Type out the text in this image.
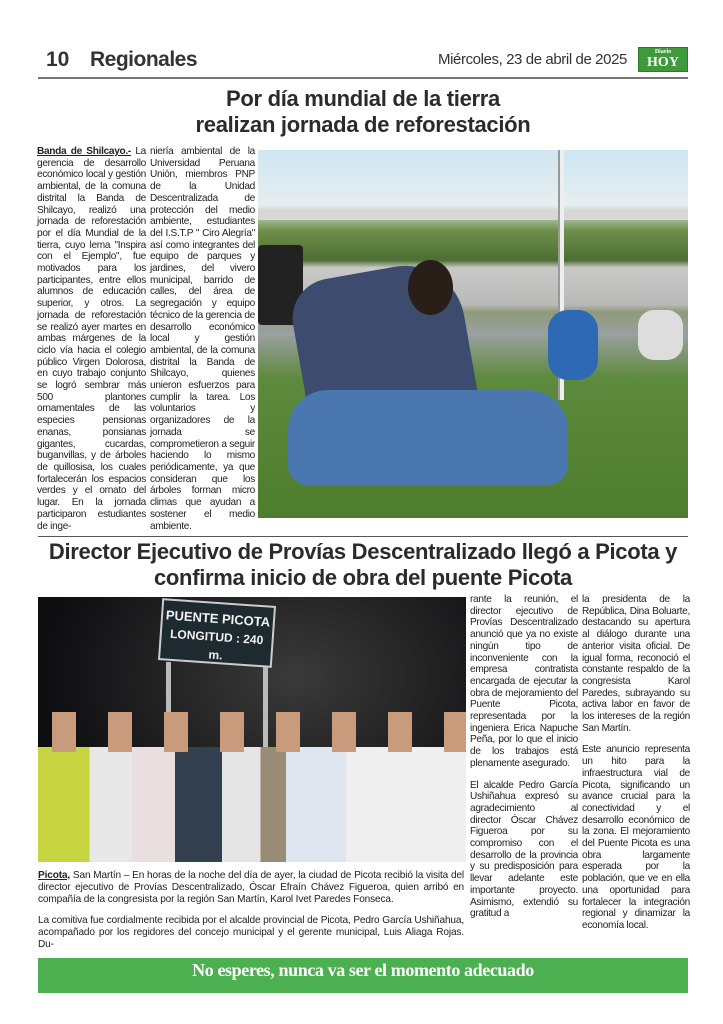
10 Regionales	Miércoles, 23 de abril de 2025	Diario
HOY
Por día mundial de la tierra
realizan jornada de reforestación

Banda de Shilcayo.- La gerencia de desarrollo económico local y gestión ambiental, de la comuna distrital la Banda de Shilcayo, realizó una jornada de reforestación por el día Mundial de la tierra, cuyo lema "Inspira con el Ejemplo", fue motivados para los participantes, entre ellos alumnos de educación superior, y otros. La jornada de reforestación se realizó ayer martes en ambas márgenes de la ciclo vía hacia el colegio público Virgen Dolorosa, en cuyo trabajo conjunto se logró sembrar más 500 plantones ornamentales de las especies pensionas enanas, ponsianas gigantes, cucardas, buganvillas, y de árboles de quillosisa, los cuales fortalecerán los espacios verdes y el ornato del lugar. En la jornada participaron estudiantes de inge-

niería ambiental de la Universidad Peruana Unión, miembros PNP de la Unidad Descentralizada de protección del medio ambiente, estudiantes del I.S.T.P " Ciro Alegría" así como integrantes del equipo de parques y jardines, del vivero municipal, barrido de calles, del área de segregación y equipo técnico de la gerencia de desarrollo económico local y gestión ambiental, de la comuna distrital la Banda de Shilcayo, quienes unieron esfuerzos para cumplir la tarea. Los voluntarios y organizadores de la jornada se comprometieron a seguir haciendo lo mismo periódicamente, ya que consideran que los árboles forman micro climas que ayudan a sostener el medio ambiente.

Director Ejecutivo de Provías Descentralizado llegó a Picota y
confirma inicio de obra del puente Picota
PUENTE PICOTA
LONGITUD : 240 m.

Picota, San Martín – En horas de la noche del día de ayer, la ciudad de Picota recibió la visita del director ejecutivo de Provías Descentralizado, Óscar Efraín Chávez Figueroa, quien arribó en compañía de la congresista por la región San Martín, Karol Ivet Paredes Fonseca.

La comitiva fue cordialmente recibida por el alcalde provincial de Picota, Pedro García Ushiñahua, acompañado por los regidores del concejo municipal y el gerente municipal, Luis Aliaga Rojas. Du-

rante la reunión, el director ejecutivo de Provías Descentralizado anunció que ya no existe ningún tipo de inconveniente con la empresa contratista encargada de ejecutar la obra de mejoramiento del Puente Picota, representada por la ingeniera Erica Napuche Peña, por lo que el inicio de los trabajos está plenamente asegurado.

El alcalde Pedro García Ushiñahua expresó su agradecimiento al director Óscar Chávez Figueroa por su compromiso con el desarrollo de la provincia y su predisposición para llevar adelante este importante proyecto. Asimismo, extendió su gratitud a

la presidenta de la República, Dina Boluarte, destacando su apertura al diálogo durante una anterior visita oficial. De igual forma, reconoció el constante respaldo de la congresista Karol Paredes, subrayando su activa labor en favor de los intereses de la región San Martín.

Este anuncio representa un hito para la infraestructura vial de Picota, significando un avance crucial para la conectividad y el desarrollo económico de la zona. El mejoramiento del Puente Picota es una obra largamente esperada por la población, que ve en ella una oportunidad para fortalecer la integración regional y dinamizar la economía local.

No esperes, nunca va ser el momento adecuado
